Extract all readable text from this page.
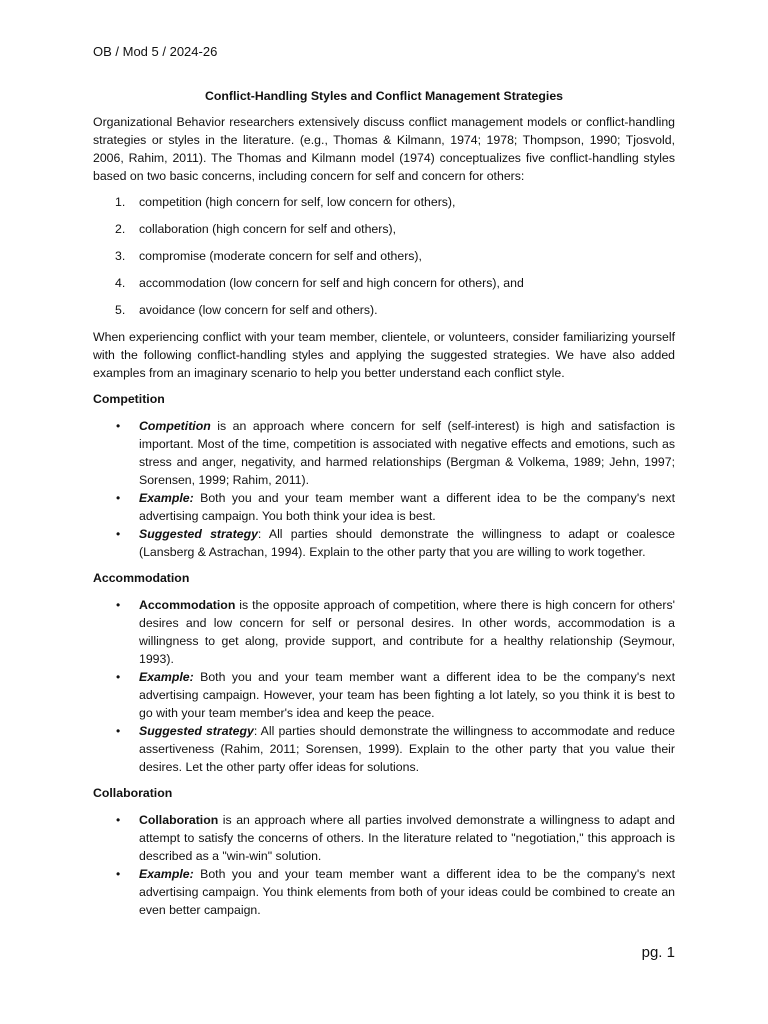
OB / Mod 5 / 2024-26
Conflict-Handling Styles and Conflict Management Strategies

Organizational Behavior researchers extensively discuss conflict management models or conflict-handling strategies or styles in the literature. (e.g., Thomas & Kilmann, 1974; 1978; Thompson, 1990; Tjosvold, 2006, Rahim, 2011). The Thomas and Kilmann model (1974) conceptualizes five conflict-handling styles based on two basic concerns, including concern for self and concern for others:

1. competition (high concern for self, low concern for others),
2. collaboration (high concern for self and others),
3. compromise (moderate concern for self and others),
4. accommodation (low concern for self and high concern for others), and
5. avoidance (low concern for self and others).

When experiencing conflict with your team member, clientele, or volunteers, consider familiarizing yourself with the following conflict-handling styles and applying the suggested strategies. We have also added examples from an imaginary scenario to help you better understand each conflict style.

Competition
• Competition is an approach where concern for self (self-interest) is high and satisfaction is important. Most of the time, competition is associated with negative effects and emotions, such as stress and anger, negativity, and harmed relationships (Bergman & Volkema, 1989; Jehn, 1997; Sorensen, 1999; Rahim, 2011).
• Example: Both you and your team member want a different idea to be the company's next advertising campaign. You both think your idea is best.
• Suggested strategy: All parties should demonstrate the willingness to adapt or coalesce (Lansberg & Astrachan, 1994). Explain to the other party that you are willing to work together.
Accommodation
• Accommodation is the opposite approach of competition, where there is high concern for others' desires and low concern for self or personal desires. In other words, accommodation is a willingness to get along, provide support, and contribute for a healthy relationship (Seymour, 1993).
• Example: Both you and your team member want a different idea to be the company's next advertising campaign. However, your team has been fighting a lot lately, so you think it is best to go with your team member's idea and keep the peace.
• Suggested strategy: All parties should demonstrate the willingness to accommodate and reduce assertiveness (Rahim, 2011; Sorensen, 1999). Explain to the other party that you value their desires. Let the other party offer ideas for solutions.
Collaboration
• Collaboration is an approach where all parties involved demonstrate a willingness to adapt and attempt to satisfy the concerns of others. In the literature related to "negotiation," this approach is described as a "win-win" solution.
• Example: Both you and your team member want a different idea to be the company's next advertising campaign. You think elements from both of your ideas could be combined to create an even better campaign.
pg. 1
